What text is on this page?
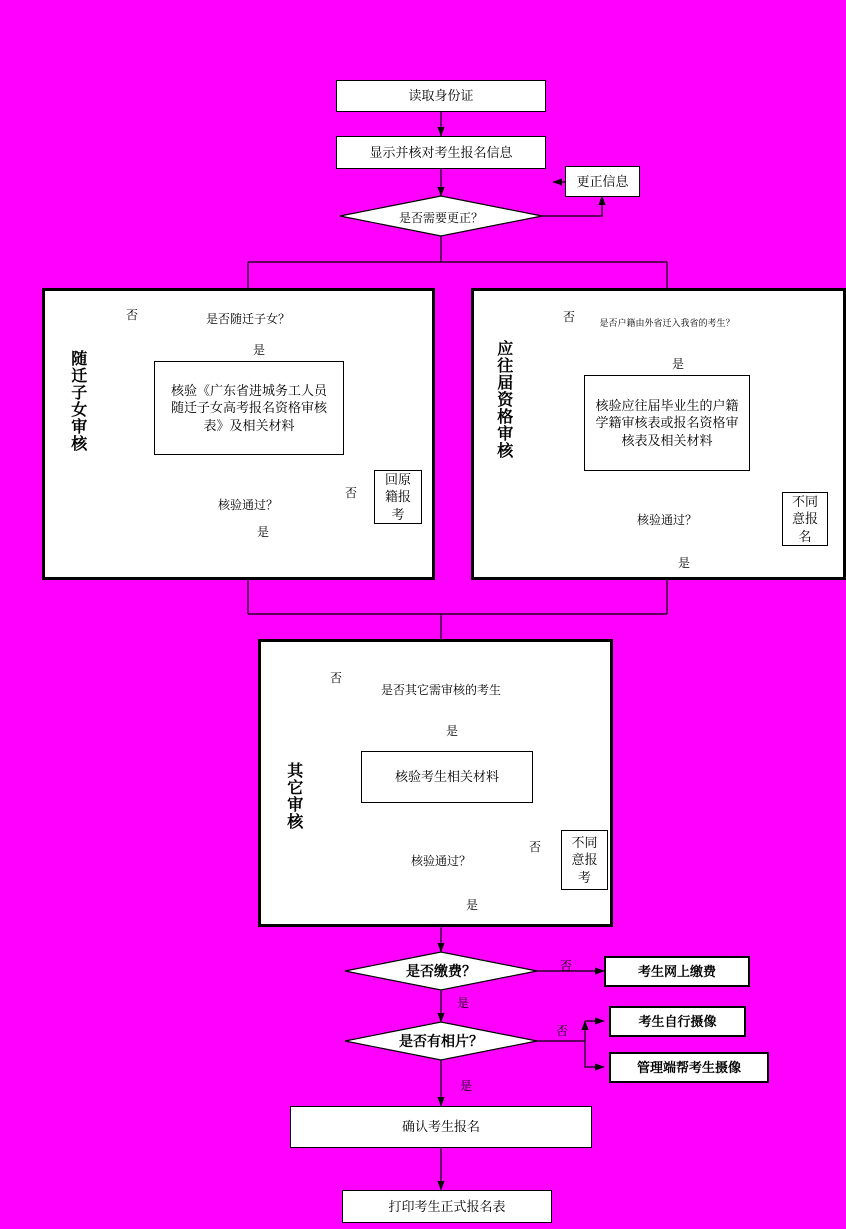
随迁子女审核	应往届资格审核
其它审核
读取身份证
显示并核对考生报名信息
更正信息
核验《广东省进城务工人员随迁子女高考报名资格审核表》及相关材料
回原籍报考
核验应往届毕业生的户籍学籍审核表或报名资格审核表及相关材料
不同意报名
核验考生相关材料
不同意报考
考生网上缴费
考生自行摄像
管理端帮考生摄像
确认考生报名
打印考生正式报名表
是否需要更正？
是否随迁子女？
核验通过？
是否户籍由外省迁入我省的考生？
核验通过？
是否其它需审核的考生
核验通过？
是否缴费？
是否有相片？
否
是
否
是
否
是
是
否
是
否
是
否
是
否
是
